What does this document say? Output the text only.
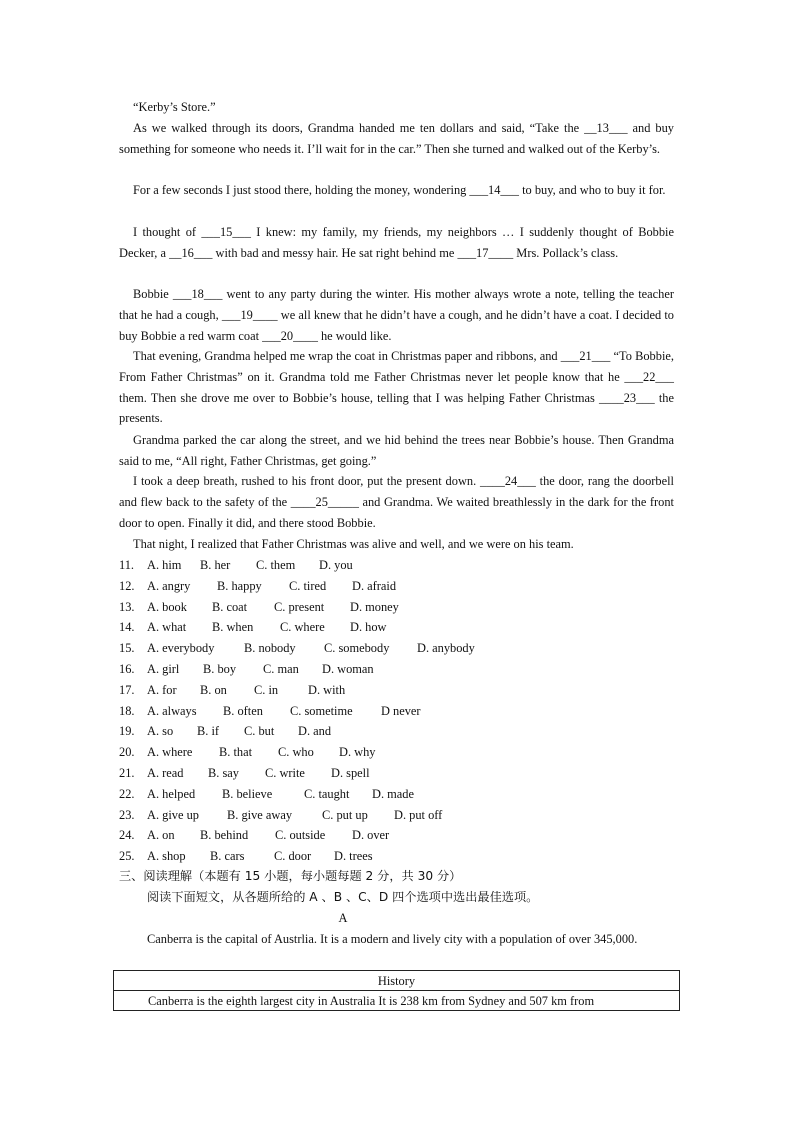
“Kerby’s Store.”

As we walked through its doors, Grandma handed me ten dollars and said, “Take the __13___ and buy something for someone who needs it. I’ll wait for in the car.” Then she turned and walked out of the Kerby’s.

For a few seconds I just stood there, holding the money, wondering ___14___ to buy, and who to buy it for.

I thought of ___15___ I knew: my family, my friends, my neighbors … I suddenly thought of Bobbie Decker, a __16___ with bad and messy hair. He sat right behind me ___17____ Mrs. Pollack’s class.

Bobbie ___18___ went to any party during the winter. His mother always wrote a note, telling the teacher that he had a cough, ___19____ we all knew that he didn’t have a cough, and he didn’t have a coat. I decided to buy Bobbie a red warm coat ___20____ he would like.

That evening, Grandma helped me wrap the coat in Christmas paper and ribbons, and ___21___ “To Bobbie, From Father Christmas” on it. Grandma told me Father Christmas never let people know that he ___22___ them. Then she drove me over to Bobbie’s house, telling that I was helping Father Christmas ____23___ the presents.

Grandma parked the car along the street, and we hid behind the trees near Bobbie’s house. Then Grandma said to me, “All right, Father Christmas, get going.”

I took a deep breath, rushed to his front door, put the present down. ____24___ the door, rang the doorbell and flew back to the safety of the ____25_____ and Grandma. We waited breathlessly in the dark for the front door to open. Finally it did, and there stood Bobbie.

That night, I realized that Father Christmas was alive and well, and we were on his team.

11. A. him B. her C. them D. you
12. A. angry B. happy C. tired D. afraid
13. A. book B. coat C. present D. money
14. A. what B. when C. where D. how
15. A. everybody B. nobody C. somebody D. anybody
16. A. girl B. boy C. man D. woman
17. A. for B. on C. in D. with
18. A. always B. often C. sometime D never
19. A. so B. if C. but D. and
20. A. where B. that C. who D. why
21. A. read B. say C. write D. spell
22. A. helped B. believe	C. taught D. made
23. A. give up B. give away C. put up D. put off
24. A. on B. behind C. outside D. over
25. A. shop B. cars C. door D. trees
三、阅读理解（本题有 15 小题，每小题每题 2 分，共 30 分）
阅读下面短文，从各题所给的 A 、B 、C、D 四个选项中选出最佳选项。
A

Canberra is the capital of Austrlia. It is a modern and lively city with a population of over 345,000.

History
Canberra is the eighth largest city in Australia It is 238 km from Sydney and 507 km from
